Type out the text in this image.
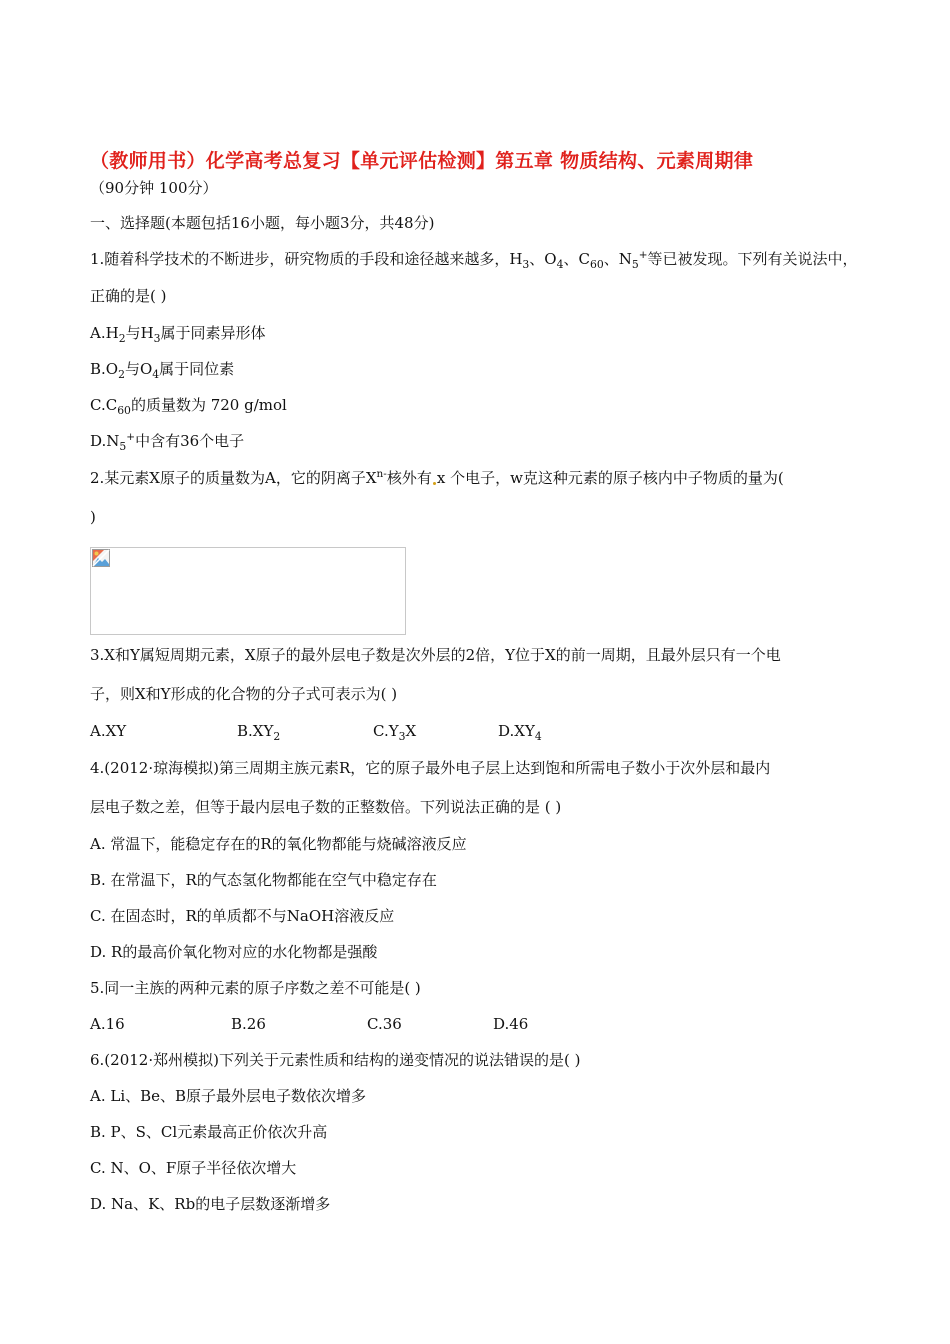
（教师用书）化学高考总复习【单元评估检测】第五章 物质结构、元素周期律
（90分钟 100分）
一、选择题(本题包括16小题，每小题3分，共48分)
1.随着科学技术的不断进步，研究物质的手段和途径越来越多，$H_3$、$O_4$、$C_{60}$、$N_5^+$等已被发现。下列有关说法中，
正确的是( )
$A.H_2$与$H_3$属于同素异形体
$B.O_2$与$O_4$属于同位素
$C.C_{60}$的质量数为 720 g/mol
$D.N_5^+$中含有36个电子
2.某元素X原子的质量数为A，它的阴离子$X^{n-}$核外有 x 个电子，w克这种元素的原子核内中子物质的量为(
)
3.X和Y属短周期元素，X原子的最外层电子数是次外层的2倍，Y位于X的前一周期，且最外层只有一个电
子，则X和Y形成的化合物的分子式可表示为( )
A.XY	$B.XY_2$	$C.Y_3X$	$D.XY_4$
4.(2012·琼海模拟)第三周期主族元素R，它的原子最外电子层上达到饱和所需电子数小于次外层和最内
层电子数之差，但等于最内层电子数的正整数倍。下列说法正确的是 ( )
A. 常温下，能稳定存在的R的氧化物都能与烧碱溶液反应
B. 在常温下，R的气态氢化物都能在空气中稳定存在
C. 在固态时，R的单质都不与NaOH溶液反应
D. R的最高价氧化物对应的水化物都是强酸
5.同一主族的两种元素的原子序数之差不可能是( )
A.16	B.26	C.36	D.46
6.(2012·郑州模拟)下列关于元素性质和结构的递变情况的说法错误的是( )
A. Li、Be、B原子最外层电子数依次增多
B. P、S、Cl元素最高正价依次升高
C. N、O、F原子半径依次增大
D. Na、K、Rb的电子层数逐渐增多
